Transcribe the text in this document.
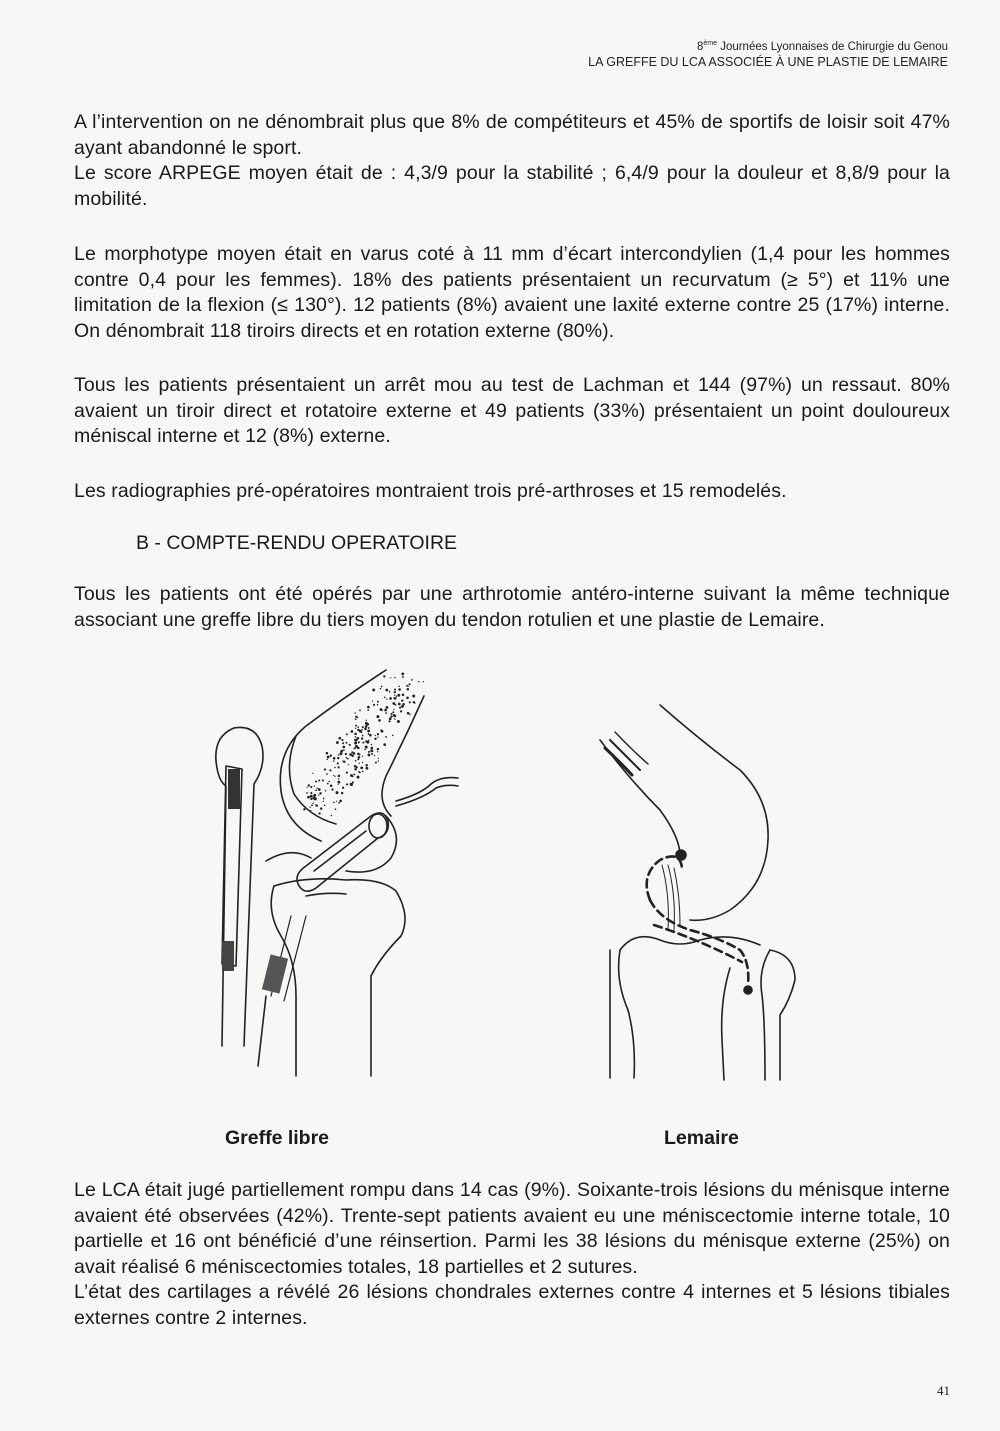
8ème Journées Lyonnaises de Chirurgie du Genou
LA GREFFE DU LCA ASSOCIÉE À UNE PLASTIE DE LEMAIRE

A l’intervention on ne dénombrait plus que 8% de compétiteurs et 45% de sportifs de loisir soit 47% ayant abandonné le sport.

Le score ARPEGE moyen était de : 4,3/9 pour la stabilité ; 6,4/9 pour la douleur et 8,8/9 pour la mobilité.

Le morphotype moyen était en varus coté à 11 mm d’écart intercondylien (1,4 pour les hommes contre 0,4 pour les femmes). 18% des patients présentaient un recurvatum (≥ 5°) et 11% une limitation de la flexion (≤ 130°). 12 patients (8%) avaient une laxité externe contre 25 (17%) interne. On dénombrait 118 tiroirs directs et en rotation externe (80%).
Tous les patients présentaient un arrêt mou au test de Lachman et 144 (97%) un ressaut. 80% avaient un tiroir direct et rotatoire externe et 49 patients (33%) présentaient un point douloureux méniscal interne et 12 (8%) externe.
Les radiographies pré-opératoires montraient trois pré-arthroses et 15 remodelés.
B - COMPTE-RENDU OPERATOIRE
Tous les patients ont été opérés par une arthrotomie antéro-interne suivant la même technique associant une greffe libre du tiers moyen du tendon rotulien et une plastie de Lemaire.
Greffe libre	Lemaire

Le LCA était jugé partiellement rompu dans 14 cas (9%). Soixante-trois lésions du ménisque interne avaient été observées (42%). Trente-sept patients avaient eu une méniscectomie interne totale, 10 partielle et 16 ont bénéficié d’une réinsertion. Parmi les 38 lésions du ménisque externe (25%) on avait réalisé 6 méniscectomies totales, 18 partielles et 2 sutures.

L’état des cartilages a révélé 26 lésions chondrales externes contre 4 internes et 5 lésions tibiales externes contre 2 internes.

41
